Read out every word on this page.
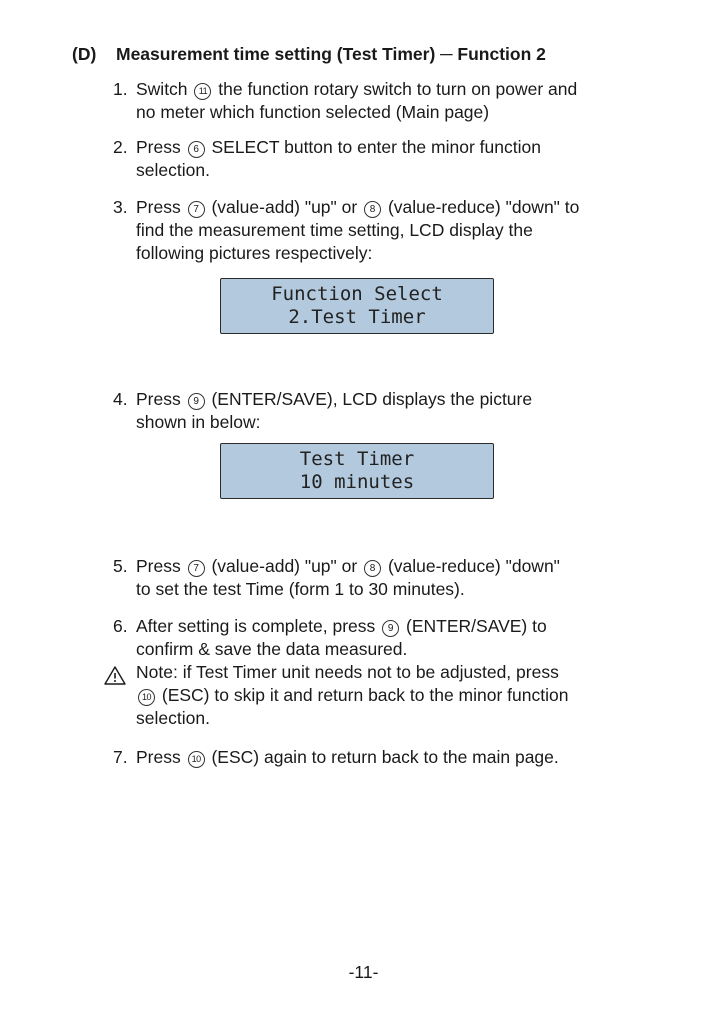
(D) Measurement time setting (Test Timer) ─ Function 2
1. Switch 11 the function rotary switch to turn on power and
no meter which function selected (Main page)
2. Press 6 SELECT button to enter the minor function
selection.
3. Press 7 (value-add) "up" or 8 (value-reduce) "down" to
find the measurement time setting, LCD display the
following pictures respectively:
Function Select
2.Test Timer
4. Press 9 (ENTER/SAVE), LCD displays the picture
shown in below:
Test Timer
10 minutes
5. Press 7 (value-add) "up" or 8 (value-reduce) "down"
to set the test Time (form 1 to 30 minutes).
6. After setting is complete, press 9 (ENTER/SAVE) to
confirm & save the data measured.
Note: if Test Timer unit needs not to be adjusted, press
10 (ESC) to skip it and return back to the minor function
selection.
7. Press 10 (ESC) again to return back to the main page.
-11-
